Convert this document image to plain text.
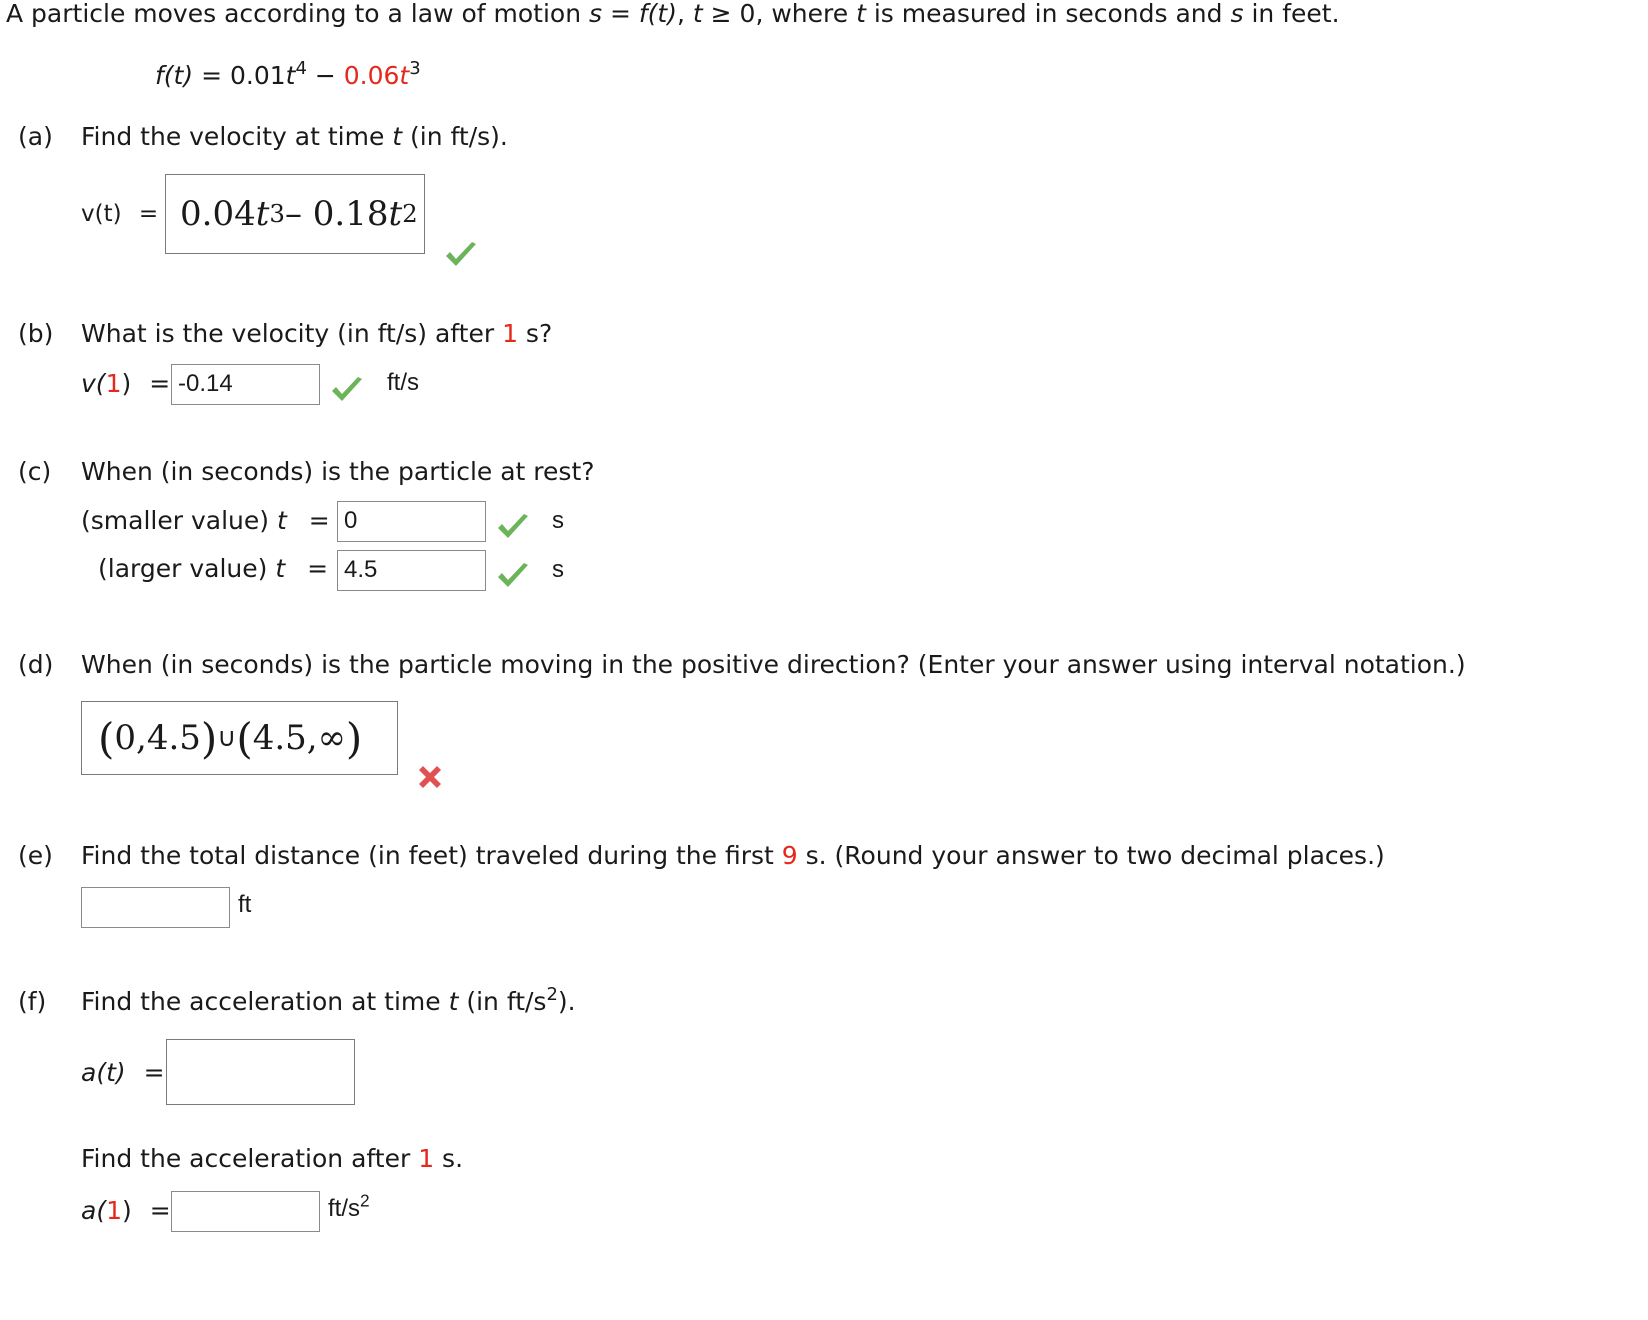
A particle moves according to a law of motion s = f(t), t ≥ 0, where t is measured in seconds and s in feet.
$f(t) = 0.01t^4 - 0.06t^3$
(a) Find the velocity at time t (in ft/s).
v(t) = 0.04 t 3 – 0.18 t 2
(b) What is the velocity (in ft/s) after 1 s?
v(1) = -0.14	ft/s
(c) When (in seconds) is the particle at rest?
(smaller value) t = 0	s
(larger value) t = 4.5	s
(d) When (in seconds) is the particle moving in the positive direction? (Enter your answer using interval notation.)
( 0,4.5 ) ∪ ( 4.5,∞ )
(e) Find the total distance (in feet) traveled during the first 9 s. (Round your answer to two decimal places.)
ft
(f) Find the acceleration at time t (in $ft/s^2$).
a(t) =
Find the acceleration after 1 s.
a(1) =	$ft/s^2$
